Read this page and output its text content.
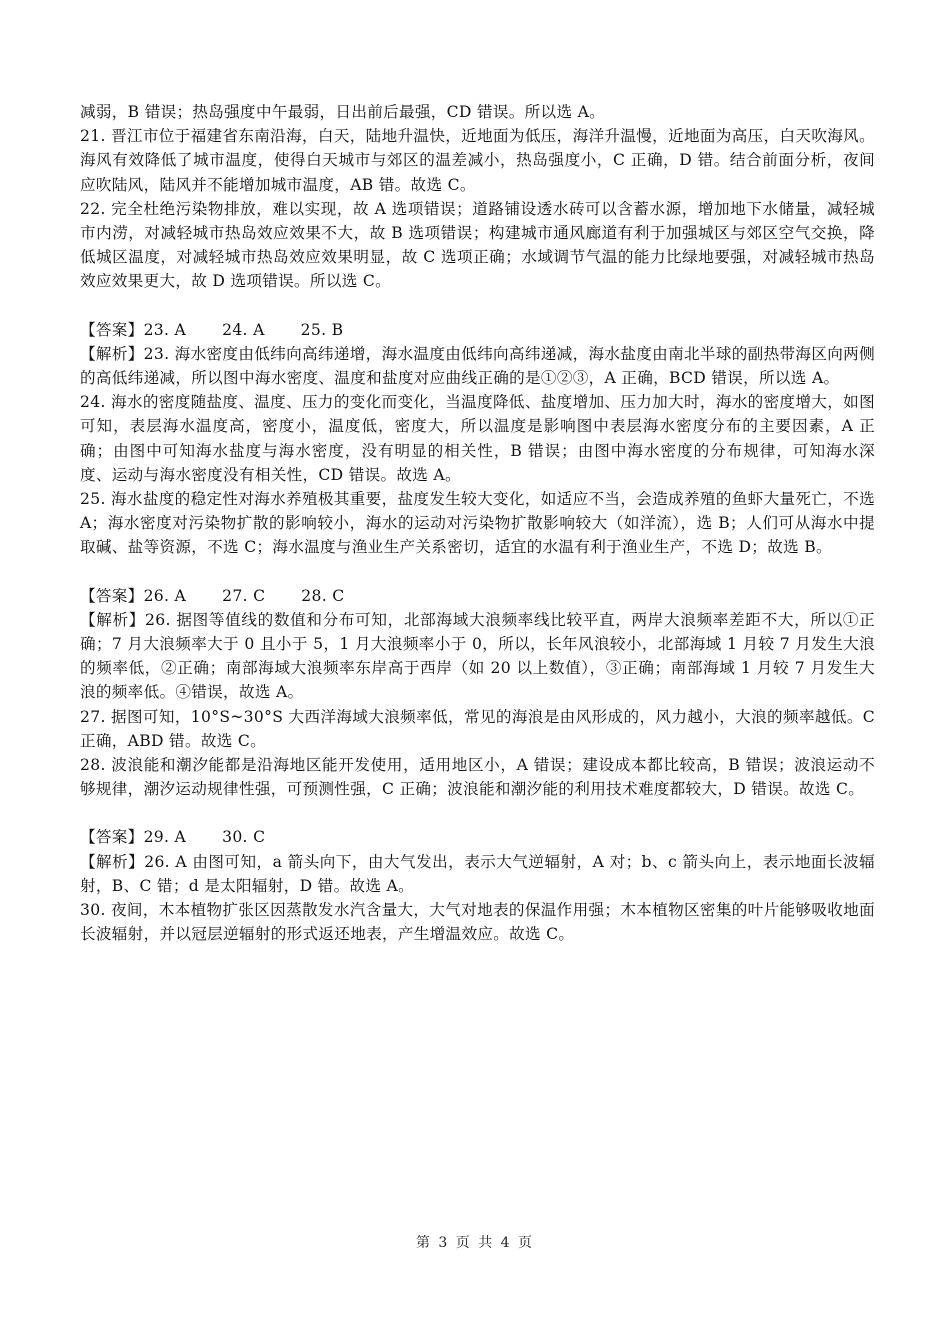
减弱，B 错误；热岛强度中午最弱，日出前后最强，CD 错误。所以选 A。

21. 晋江市位于福建省东南沿海，白天，陆地升温快，近地面为低压，海洋升温慢，近地面为高压，白天吹海风。海风有效降低了城市温度，使得白天城市与郊区的温差减小，热岛强度小，C 正确，D 错。结合前面分析，夜间应吹陆风，陆风并不能增加城市温度，AB 错。故选 C。

22. 完全杜绝污染物排放，难以实现，故 A 选项错误；道路铺设透水砖可以含蓄水源，增加地下水储量，减轻城市内涝，对减轻城市热岛效应效果不大，故 B 选项错误；构建城市通风廊道有利于加强城区与郊区空气交换，降低城区温度，对减轻城市热岛效应效果明显，故 C 选项正确；水域调节气温的能力比绿地要强，对减轻城市热岛效应效果更大，故 D 选项错误。所以选 C。

【答案】23. A 24. A 25. B

【解析】23. 海水密度由低纬向高纬递增，海水温度由低纬向高纬递减，海水盐度由南北半球的副热带海区向两侧的高低纬递减，所以图中海水密度、温度和盐度对应曲线正确的是①②③，A 正确，BCD 错误，所以选 A。

24. 海水的密度随盐度、温度、压力的变化而变化，当温度降低、盐度增加、压力加大时，海水的密度增大，如图可知，表层海水温度高，密度小，温度低，密度大，所以温度是影响图中表层海水密度分布的主要因素，A 正确；由图中可知海水盐度与海水密度，没有明显的相关性，B 错误；由图中海水密度的分布规律，可知海水深度、运动与海水密度没有相关性，CD 错误。故选 A。

25. 海水盐度的稳定性对海水养殖极其重要，盐度发生较大变化，如适应不当，会造成养殖的鱼虾大量死亡，不选 A；海水密度对污染物扩散的影响较小，海水的运动对污染物扩散影响较大（如洋流），选 B；人们可从海水中提取碱、盐等资源，不选 C；海水温度与渔业生产关系密切，适宜的水温有利于渔业生产，不选 D；故选 B。

【答案】26. A 27. C 28. C

【解析】26. 据图等值线的数值和分布可知，北部海域大浪频率线比较平直，两岸大浪频率差距不大，所以①正确；7 月大浪频率大于 0 且小于 5，1 月大浪频率小于 0，所以，长年风浪较小，北部海域 1 月较 7 月发生大浪的频率低，②正确；南部海域大浪频率东岸高于西岸（如 20 以上数值），③正确；南部海域 1 月较 7 月发生大浪的频率低。④错误，故选 A。

27. 据图可知，10°S~30°S 大西洋海域大浪频率低，常见的海浪是由风形成的，风力越小，大浪的频率越低。C 正确，ABD 错。故选 C。

28. 波浪能和潮汐能都是沿海地区能开发使用，适用地区小，A 错误；建设成本都比较高，B 错误；波浪运动不够规律，潮汐运动规律性强，可预测性强，C 正确；波浪能和潮汐能的利用技术难度都较大，D 错误。故选 C。

【答案】29. A 30. C

【解析】26. A 由图可知，a 箭头向下，由大气发出，表示大气逆辐射，A 对；b、c 箭头向上，表示地面长波辐射，B、C 错；d 是太阳辐射，D 错。故选 A。

30. 夜间，木本植物扩张区因蒸散发水汽含量大，大气对地表的保温作用强；木本植物区密集的叶片能够吸收地面长波辐射，并以冠层逆辐射的形式返还地表，产生增温效应。故选 C。

第 3 页 共 4 页
